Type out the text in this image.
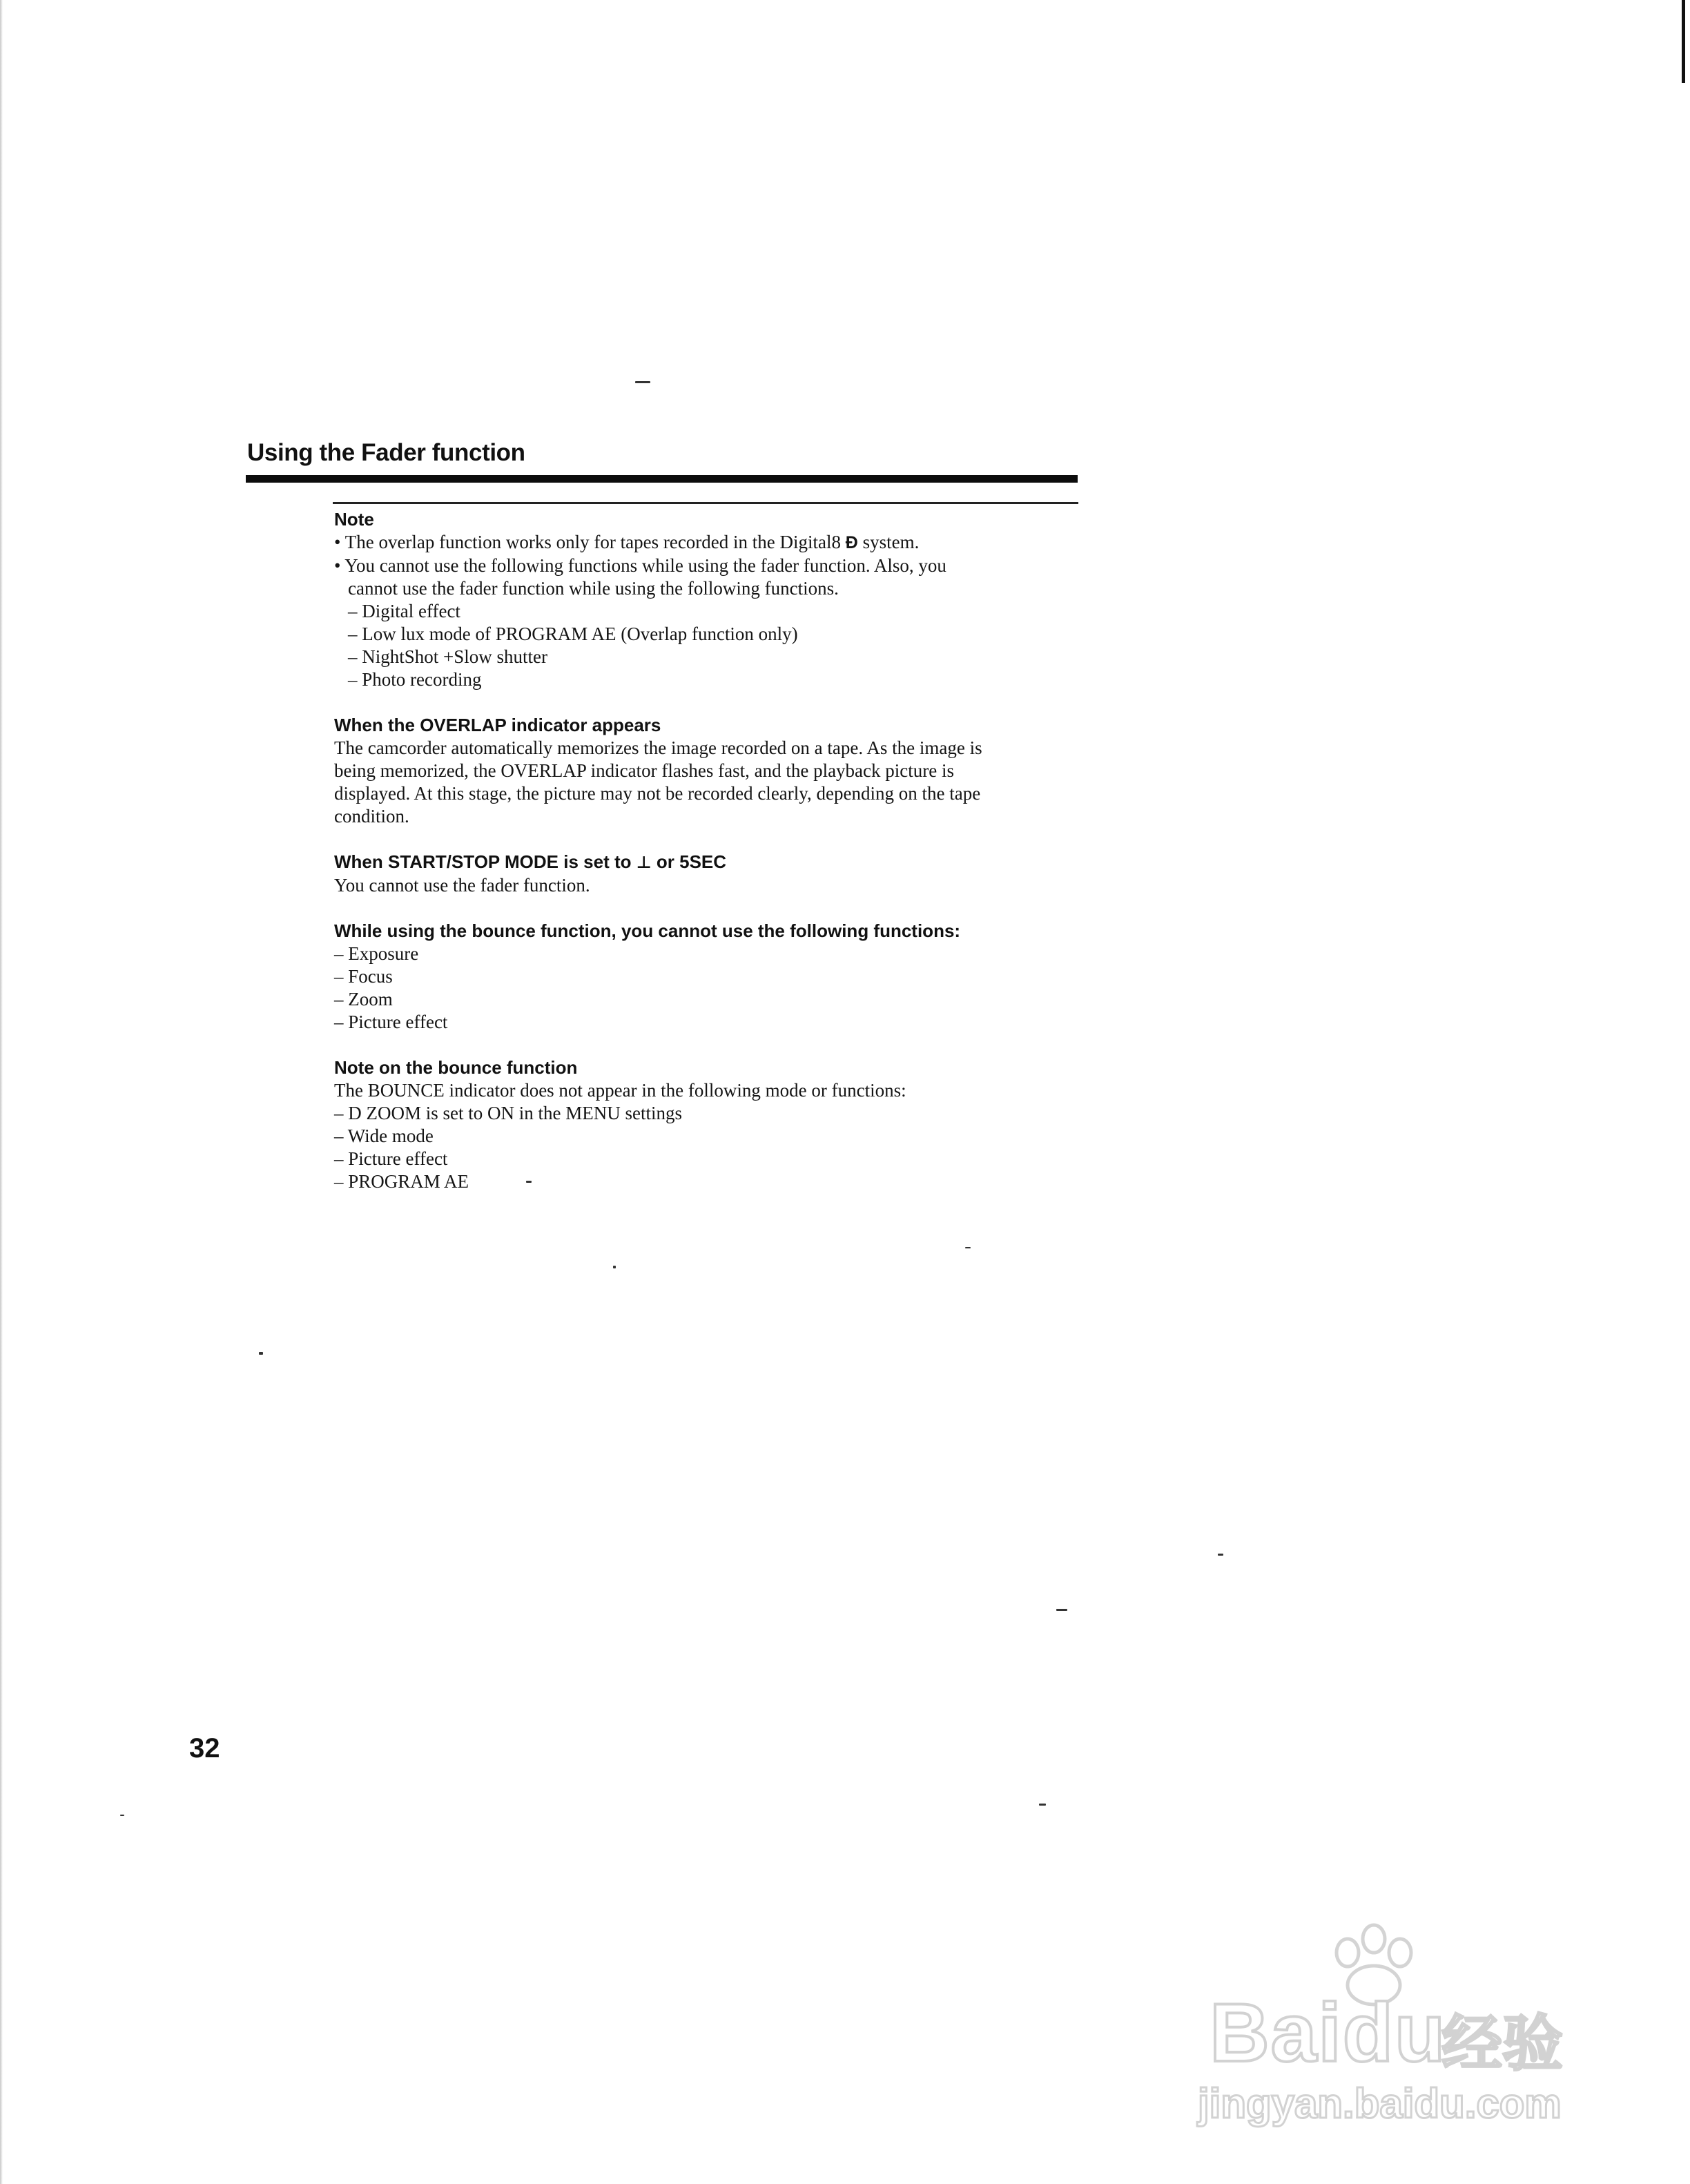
Using the Fader function
Note
• The overlap function works only for tapes recorded in the Digital8 Ð system.
• You cannot use the following functions while using the fader function. Also, you
cannot use the fader function while using the following functions.
– Digital effect
– Low lux mode of PROGRAM AE (Overlap function only)
– NightShot +Slow shutter
– Photo recording
When the OVERLAP indicator appears
The camcorder automatically memorizes the image recorded on a tape. As the image is
being memorized, the OVERLAP indicator flashes fast, and the playback picture is
displayed. At this stage, the picture may not be recorded clearly, depending on the tape
condition.
When START/STOP MODE is set to ⊥ or 5SEC
You cannot use the fader function.
While using the bounce function, you cannot use the following functions:
– Exposure
– Focus
– Zoom
– Picture effect
Note on the bounce function
The BOUNCE indicator does not appear in the following mode or functions:
– D ZOOM is set to ON in the MENU settings
– Wide mode
– Picture effect
– PROGRAM AE
32
Baidu
经验
jingyan.baidu.com
